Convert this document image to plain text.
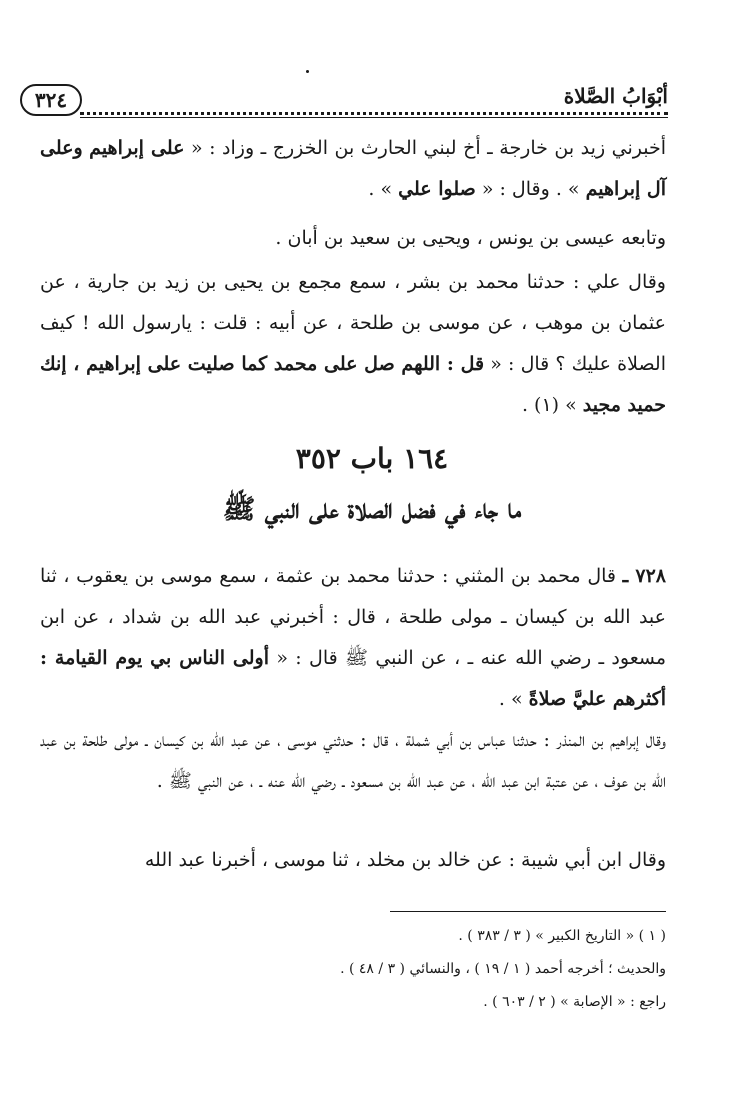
٣٢٤	أبْوَابُ الصَّلاة

أخبرني زيد بن خارجة ـ أخ لبني الحارث بن الخزرج ـ وزاد : « على إبراهيم وعلى آل إبراهيم » . وقال : « صلوا علي » .

وتابعه عيسى بن يونس ، ويحيى بن سعيد بن أبان .

وقال علي : حدثنا محمد بن بشر ، سمع مجمع بن يحيى بن زيد بن جارية ، عن عثمان بن موهب ، عن موسى بن طلحة ، عن أبيه : قلت : يارسول الله ! كيف الصلاة عليك ؟ قال : « قل : اللهم صل على محمد كما صليت على إبراهيم ، إنك حميد مجيد » (١) .

١٦٤ باب ٣٥٢
ما جاء في فضل الصلاة على النبي ﷺ

٧٢٨ ـ قال محمد بن المثني : حدثنا محمد بن عثمة ، سمع موسى بن يعقوب ، ثنا عبد الله بن كيسان ـ مولى طلحة ، قال : أخبرني عبد الله بن شداد ، عن ابن مسعود ـ رضي الله عنه ـ ، عن النبي ﷺ قال : « أولى الناس بي يوم القيامة : أكثرهم عليَّ صلاةً » .

وقال إبراهيم بن المنذر : حدثنا عباس بن أبي شملة ، قال : حدثني موسى ، عن عبد الله بن كيسان ـ مولى طلحة بن عبد الله بن عوف ، عن عتبة ابن عبد الله ، عن عبد الله بن مسعود ـ رضي الله عنه ـ ، عن النبي ﷺ .

وقال ابن أبي شيبة : عن خالد بن مخلد ، ثنا موسى ، أخبرنا عبد الله

( ١ ) « التاريخ الكبير » ( ٣ / ٣٨٣ ) .

والحديث ؛ أخرجه أحمد ( ١ / ١٩ ) ، والنسائي ( ٣ / ٤٨ ) .

راجع : « الإصابة » ( ٢ / ٦٠٣ ) .
